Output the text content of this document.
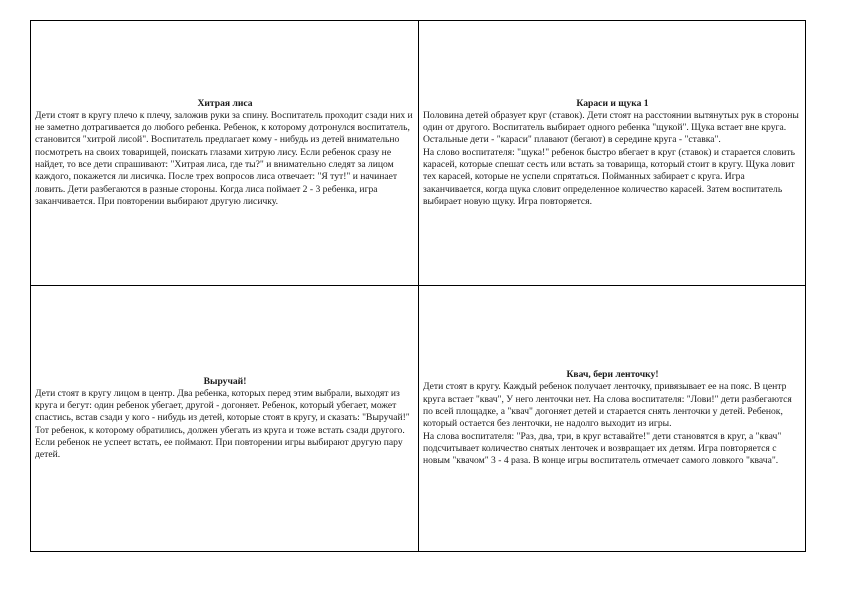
Хитрая лиса

Дети стоят в кругу плечо к плечу, заложив руки за спину. Воспитатель проходит сзади них и не заметно дотрагивается до любого ребенка. Ребенок, к которому дотронулся воспитатель, становится "хитрой лисой". Воспитатель предлагает кому - нибудь из детей внимательно посмотреть на своих товарищей, поискать глазами хитрую лису. Если ребенок сразу не найдет, то все дети спрашивают: "Хитрая лиса, где ты?" и внимательно следят за лицом каждого, покажется ли лисичка. После трех вопросов лиса отвечает: "Я тут!" и начинает ловить. Дети разбегаются в разные стороны. Когда лиса поймает 2 - 3 ребенка, игра заканчивается. При повторении выбирают другую лисичку.

Караси и щука 1

Половина детей образует круг (ставок). Дети стоят на расстоянии вытянутых рук в стороны один от другого. Воспитатель выбирает одного ребенка "щукой". Щука встает вне круга. Остальные дети - "караси" плавают (бегают) в середине круга - "ставка".

На слово воспитателя: "щука!" ребенок быстро вбегает в круг (ставок) и старается словить карасей, которые спешат сесть или встать за товарища, который стоит в кругу. Щука ловит тех карасей, которые не успели спрятаться. Пойманных забирает с круга. Игра заканчивается, когда щука словит определенное количество карасей. Затем воспитатель выбирает новую щуку. Игра повторяется.

Выручай!

Дети стоят в кругу лицом в центр. Два ребенка, которых перед этим выбрали, выходят из круга и бегут: один ребенок убегает, другой - догоняет. Ребенок, который убегает, может спастись, встав сзади у кого - нибудь из детей, которые стоят в кругу, и сказать: "Выручай!" Тот ребенок, к которому обратились, должен убегать из круга и тоже встать сзади другого. Если ребенок не успеет встать, ее поймают. При повторении игры выбирают другую пару детей.

Квач, бери ленточку!

Дети стоят в кругу. Каждый ребенок получает ленточку, привязывает ее на пояс. В центр круга встает "квач", У него ленточки нет. На слова воспитателя: "Лови!" дети разбегаются по всей площадке, а "квач" догоняет детей и старается снять ленточки у детей. Ребенок, который остается без ленточки, не надолго выходит из игры.

На слова воспитателя: "Раз, два, три, в круг вставайте!" дети становятся в круг, а "квач" подсчитывает количество снятых ленточек и возвращает их детям. Игра повторяется с новым "квачом" 3 - 4 раза. В конце игры воспитатель отмечает самого ловкого "квача".
